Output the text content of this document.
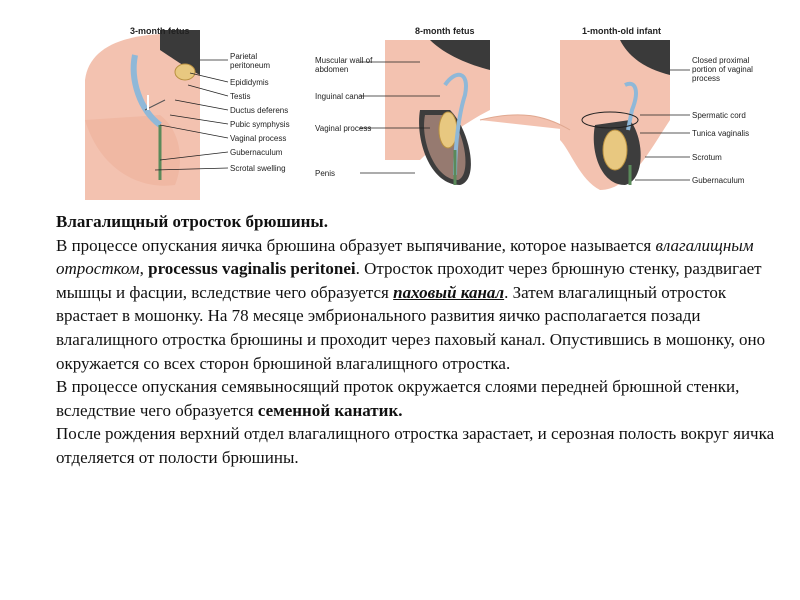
3-month fetus	8-month fetus	1-month-old infant
Parietal peritoneum
Epididymis
Testis
Ductus deferens
Pubic symphysis
Vaginal process
Gubernaculum
Scrotal swelling
Muscular wall of abdomen
Inguinal canal
Vaginal process
Penis
Closed proximal portion of vaginal process
Spermatic cord
Tunica vaginalis
Scrotum
Gubernaculum

Влагалищный отросток брюшины.

В процессе опускания яичка брюшина образует выпячивание, которое называется влагалищным отростком, processus vaginalis peritonei. Отросток проходит через брюшную стенку, раздвигает мышцы и фасции, вследствие чего образуется паховый канал. Затем влагалищный отросток врастает в мошонку. На 78 месяце эмбрионального развития яичко располагается позади влагалищного отростка брюшины и проходит через паховый канал. Опустившись в мошонку, оно окружается со всех сторон брюшиной влагалищного отростка.

В процессе опускания семявыносящий проток окружается слоями передней брюшной стенки, вследствие чего образуется семенной канатик.

После рождения верхний отдел влагалищного отростка зарастает, и серозная полость вокруг яичка отделяется от полости брюшины.
